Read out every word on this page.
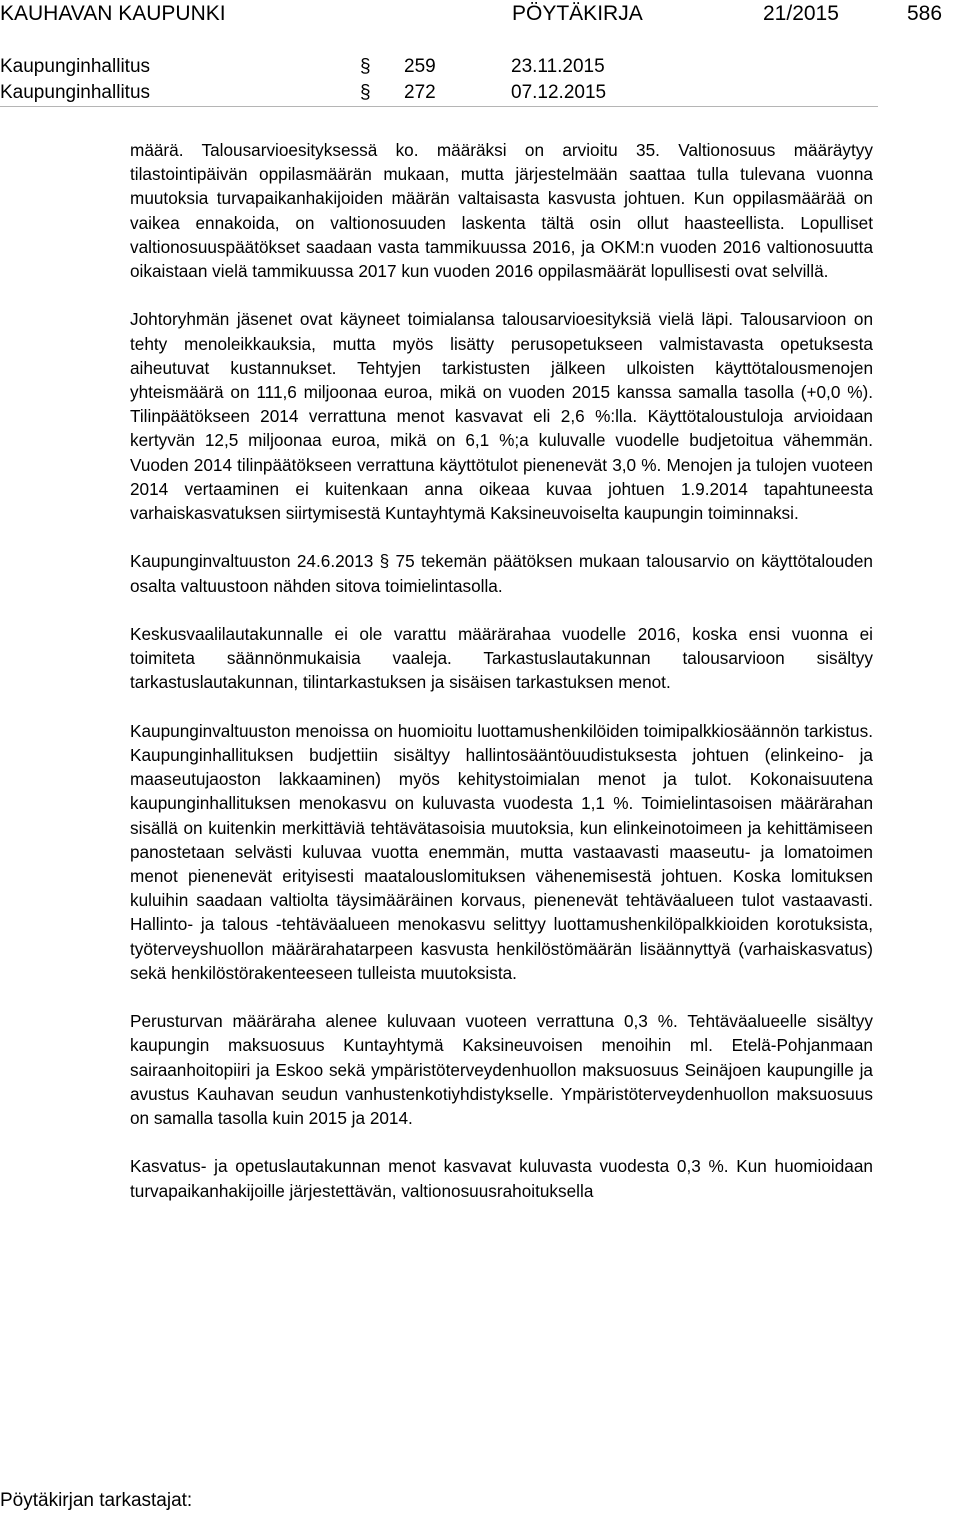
KAUHAVAN KAUPUNKI	PÖYTÄKIRJA	21/2015	586
Kaupunginhallitus	§ 259	23.11.2015
Kaupunginhallitus	§ 272	07.12.2015

määrä. Talousarvioesityksessä ko. määräksi on arvioitu 35. Valtionosuus määräytyy tilastointipäivän oppilasmäärän mukaan, mutta järjestelmään saattaa tulla tulevana vuonna muutoksia turvapaikanhakijoiden määrän valtaisasta kasvusta johtuen. Kun oppilasmäärää on vaikea ennakoida, on valtionosuuden laskenta tältä osin ollut haasteellista. Lopulliset valtionosuuspäätökset saadaan vasta tammikuussa 2016, ja OKM:n vuoden 2016 valtionosuutta oikaistaan vielä tammikuussa 2017 kun vuoden 2016 oppilasmäärät lopullisesti ovat selvillä.

Johtoryhmän jäsenet ovat käyneet toimialansa talousarvioesityksiä vielä läpi. Talousarvioon on tehty menoleikkauksia, mutta myös lisätty perusopetukseen valmistavasta opetuksesta aiheutuvat kustannukset. Tehtyjen tarkistusten jälkeen ulkoisten käyttötalousmenojen yhteismäärä on 111,6 miljoonaa euroa, mikä on vuoden 2015 kanssa samalla tasolla (+0,0 %). Tilinpäätökseen 2014 verrattuna menot kasvavat eli 2,6 %:lla. Käyttötaloustuloja arvioidaan kertyvän 12,5 miljoonaa euroa, mikä on 6,1 %;a kuluvalle vuodelle budjetoitua vähemmän. Vuoden 2014 tilinpäätökseen verrattuna käyttötulot pienenevät 3,0 %. Menojen ja tulojen vuoteen 2014 vertaaminen ei kuitenkaan anna oikeaa kuvaa johtuen 1.9.2014 tapahtuneesta varhaiskasvatuksen siirtymisestä Kuntayhtymä Kaksineuvoiselta kaupungin toiminnaksi.

Kaupunginvaltuuston 24.6.2013 § 75 tekemän päätöksen mukaan talousarvio on käyttötalouden osalta valtuustoon nähden sitova toimielintasolla.

Keskusvaalilautakunnalle ei ole varattu määrärahaa vuodelle 2016, koska ensi vuonna ei toimiteta säännönmukaisia vaaleja. Tarkastuslautakunnan talousarvioon sisältyy tarkastuslautakunnan, tilintarkastuksen ja sisäisen tarkastuksen menot.

Kaupunginvaltuuston menoissa on huomioitu luottamushenkilöiden toimipalkkiosäännön tarkistus. Kaupunginhallituksen budjettiin sisältyy hallintosääntöuudistuksesta johtuen (elinkeino- ja maaseutujaoston lakkaaminen) myös kehitystoimialan menot ja tulot. Kokonaisuutena kaupunginhallituksen menokasvu on kuluvasta vuodesta 1,1 %. Toimielintasoisen määrärahan sisällä on kuitenkin merkittäviä tehtävätasoisia muutoksia, kun elinkeinotoimeen ja kehittämiseen panostetaan selvästi kuluvaa vuotta enemmän, mutta vastaavasti maaseutu- ja lomatoimen menot pienenevät erityisesti maatalouslomituksen vähenemisestä johtuen. Koska lomituksen kuluihin saadaan valtiolta täysimääräinen korvaus, pienenevät tehtäväalueen tulot vastaavasti. Hallinto- ja talous -tehtäväalueen menokasvu selittyy luottamushenkilöpalkkioiden korotuksista, työterveyshuollon määrärahatarpeen kasvusta henkilöstömäärän lisäännyttyä (varhaiskasvatus) sekä henkilöstörakenteeseen tulleista muutoksista.

Perusturvan määräraha alenee kuluvaan vuoteen verrattuna 0,3 %. Tehtäväalueelle sisältyy kaupungin maksuosuus Kuntayhtymä Kaksineuvoisen menoihin ml. Etelä-Pohjanmaan sairaanhoitopiiri ja Eskoo sekä ympäristöterveydenhuollon maksuosuus Seinäjoen kaupungille ja avustus Kauhavan seudun vanhustenkotiyhdistykselle. Ympäristöterveydenhuollon maksuosuus on samalla tasolla kuin 2015 ja 2014.

Kasvatus- ja opetuslautakunnan menot kasvavat kuluvasta vuodesta 0,3 %. Kun huomioidaan turvapaikanhakijoille järjestettävän, valtionosuusrahoituksella

Pöytäkirjan tarkastajat:
